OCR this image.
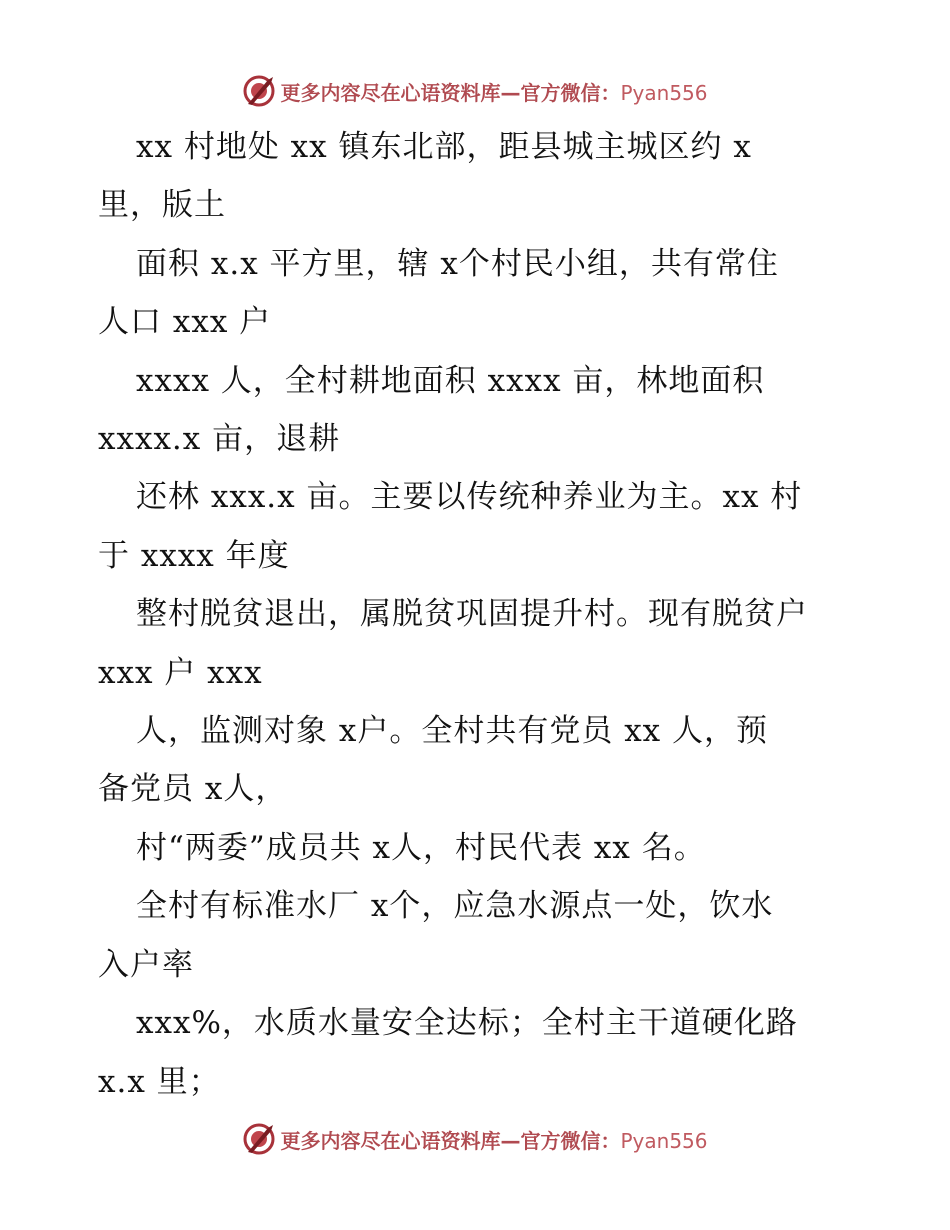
更多内容尽在心语资料库—官方微信：Pyan556

xx 村地处 xx 镇东北部，距县城主城区约 x
里，版土

面积 x.x 平方里，辖 x个村民小组，共有常住
人口 xxx 户

xxxx 人，全村耕地面积 xxxx 亩，林地面积
xxxx.x 亩，退耕

还林 xxx.x 亩。主要以传统种养业为主。xx 村
于 xxxx 年度

整村脱贫退出，属脱贫巩固提升村。现有脱贫户
xxx 户 xxx

人，监测对象 x户。全村共有党员 xx 人，预
备党员 x人，

村“两委”成员共 x人，村民代表 xx 名。

全村有标准水厂 x个，应急水源点一处，饮水
入户率

xxx%，水质水量安全达标；全村主干道硬化路
x.x 里；

更多内容尽在心语资料库—官方微信：Pyan556
